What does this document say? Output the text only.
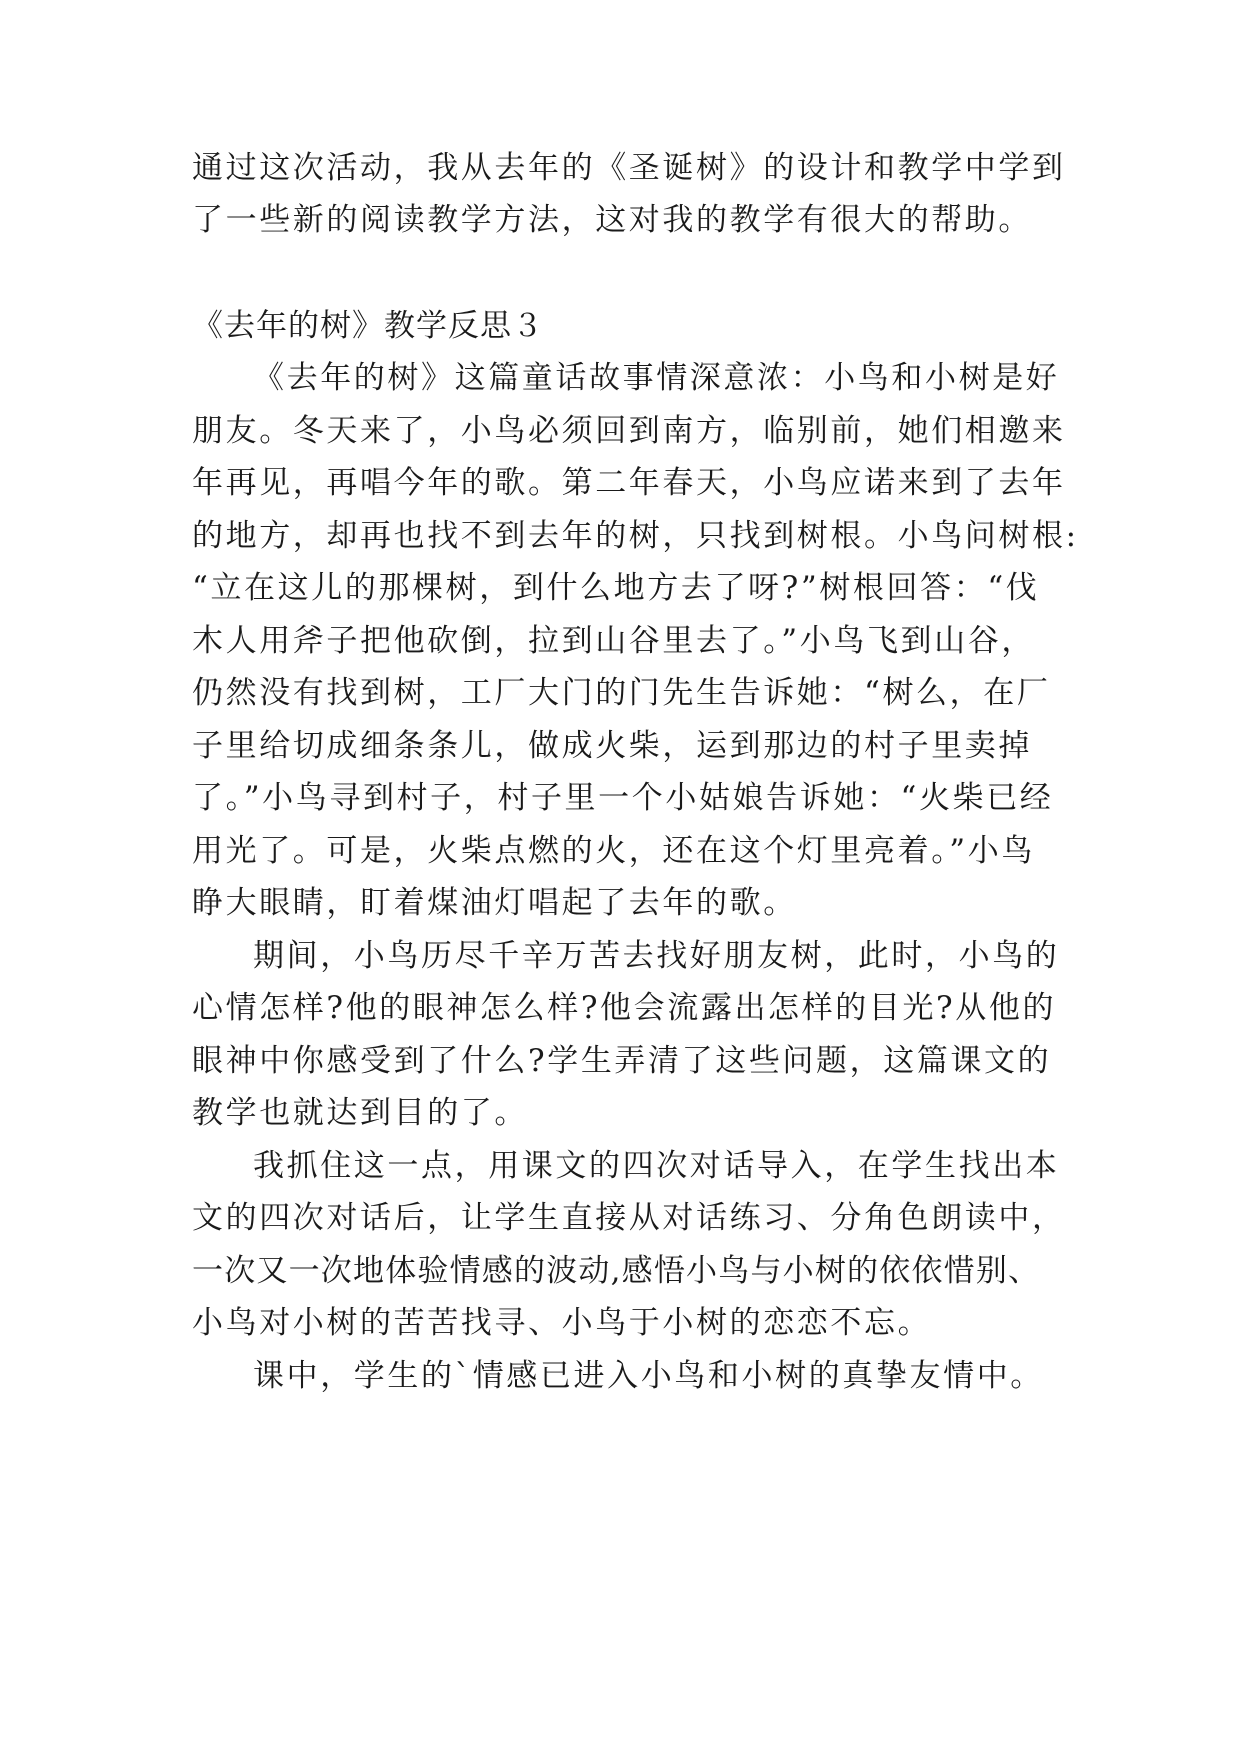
通过这次活动，我从去年的《圣诞树》的设计和教学中学到
了一些新的阅读教学方法，这对我的教学有很大的帮助。
《去年的树》教学反思３
《去年的树》这篇童话故事情深意浓：小鸟和小树是好
朋友。冬天来了，小鸟必须回到南方，临别前，她们相邀来
年再见，再唱今年的歌。第二年春天，小鸟应诺来到了去年
的地方，却再也找不到去年的树，只找到树根。小鸟问树根:
“立在这儿的那棵树，到什么地方去了呀?”树根回答：“伐
木人用斧子把他砍倒，拉到山谷里去了。”小鸟飞到山谷，
仍然没有找到树，工厂大门的门先生告诉她：“树么，在厂
子里给切成细条条儿，做成火柴，运到那边的村子里卖掉
了。”小鸟寻到村子，村子里一个小姑娘告诉她：“火柴已经
用光了。可是，火柴点燃的火，还在这个灯里亮着。”小鸟
睁大眼睛，盯着煤油灯唱起了去年的歌。
期间，小鸟历尽千辛万苦去找好朋友树，此时，小鸟的
心情怎样?他的眼神怎么样?他会流露出怎样的目光?从他的
眼神中你感受到了什么?学生弄清了这些问题，这篇课文的
教学也就达到目的了。
我抓住这一点，用课文的四次对话导入，在学生找出本
文的四次对话后，让学生直接从对话练习、分角色朗读中，
一次又一次地体验情感的波动,感悟小鸟与小树的依依惜别、
小鸟对小树的苦苦找寻、小鸟于小树的恋恋不忘。
课中，学生的`情感已进入小鸟和小树的真挚友情中。
